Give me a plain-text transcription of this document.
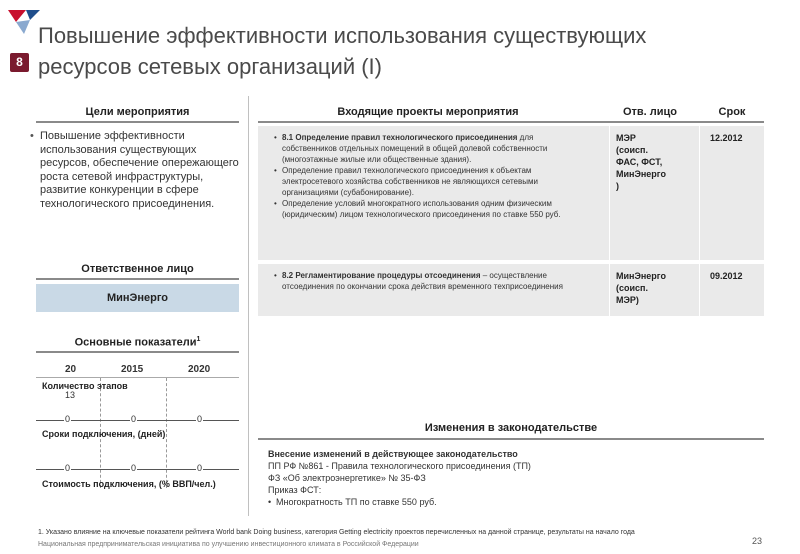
Повышение эффективности использования существующих
ресурсов сетевых организаций (I)
8
Цели мероприятия
• Повышение эффективности использования существующих ресурсов, обеспечение опережающего роста сетевой инфраструктуры, развитие конкуренции в сфере технологического присоединения.
Ответственное лицо
МинЭнерго
Основные показатели$^1$
20	2015	2020
Количество этапов
13
0	0	0
Сроки подключения, (дней)
0	0	0
Стоимость подключения, (% ВВП/чел.)
Входящие проекты мероприятия	Отв. лицо	Срок
• 8.1 Определение правил технологического присоединения для собственников отдельных помещений в общей долевой собственности (многоэтажные жилые или общественные здания).
• Определение правил технологического присоединения к объектам электросетевого хозяйства собственников не являющихся сетевыми организациями (субабонирование).
• Определение условий многократного использования одним физическим (юридическим) лицом технологического присоединения по ставке 550 руб.
МЭР
(соисп.
ФАС, ФСТ,
МинЭнерго
)
12.2012
• 8.2 Регламентирование процедуры отсоединения – осуществление отсоединения по окончании срока действия временного техприсоединения
МинЭнерго
(соисп.
МЭР)
09.2012
Изменения в законодательстве
Внесение изменений в действующее законодательство
ПП РФ №861 - Правила технологического присоединения (ТП)
ФЗ «Об электроэнергетике» № 35-ФЗ
Приказ ФСТ:
• Многократность ТП по ставке 550 руб.
1. Указано влияние на ключевые показатели рейтинга World bank Doing business, категория Getting electricity проектов перечисленных на данной странице, результаты на начало года
Национальная предпринимательская инициатива по улучшению инвестиционного климата в Российской Федерации	23
